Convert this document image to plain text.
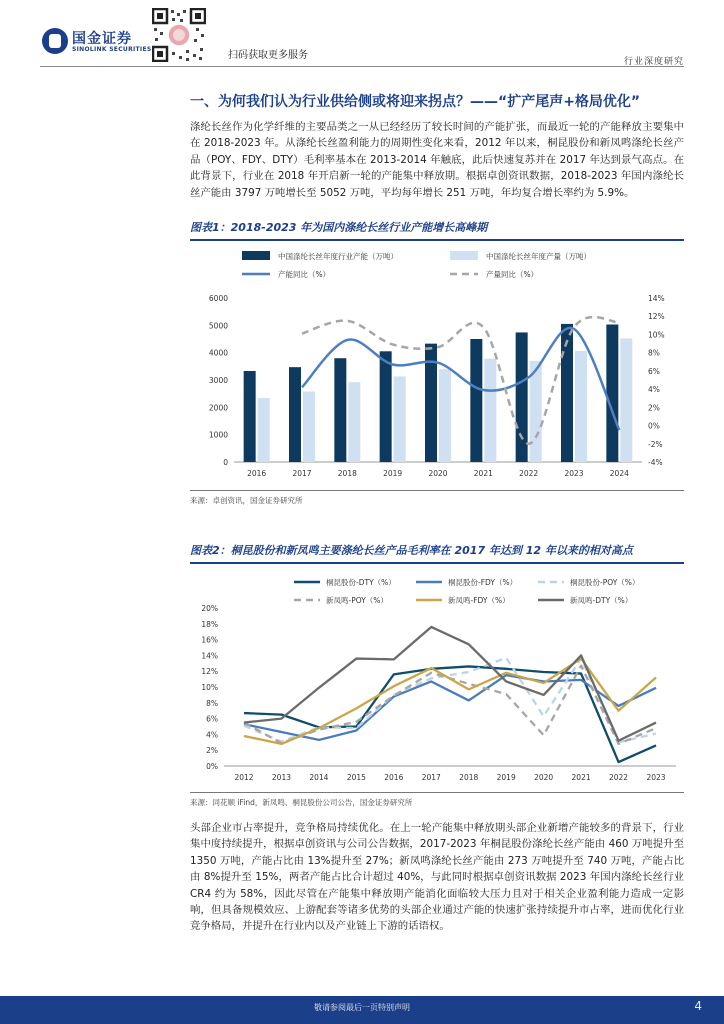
国金证券
SINOLINK SECURITIES
扫码获取更多服务
行业深度研究
一、为何我们认为行业供给侧或将迎来拐点？——“扩产尾声+格局优化”
涤纶长丝作为化学纤维的主要品类之一从已经经历了较长时间的产能扩张，而最近一轮的产能释放主要集中在 2018-2023 年。从涤纶长丝盈利能力的周期性变化来看，2012 年以来，桐昆股份和新凤鸣涤纶长丝产品（POY、FDY、DTY）毛利率基本在 2013-2014 年触底，此后快速复苏并在 2017 年达到景气高点。在此背景下，行业在 2018 年开启新一轮的产能集中释放期。根据卓创资讯数据，2018-2023 年国内涤纶长丝产能由 3797 万吨增长至 5052 万吨，平均每年增长 251 万吨，年均复合增长率约为 5.9%。
图表1：2018-2023 年为国内涤纶长丝行业产能增长高峰期
中国涤纶长丝年度行业产能（万吨）	中国涤纶长丝年度产量（万吨）
产能同比（%）	产量同比（%）
0
1000
2000
3000
4000
5000
6000
-4%
-2%
0%
2%
4%
6%
8%
10%
12%
14%
2016	2017	2018	2019	2020	2021	2022	2023	2024
来源：卓创资讯，国金证券研究所
图表2：桐昆股份和新凤鸣主要涤纶长丝产品毛利率在 2017 年达到 12 年以来的相对高点
桐昆股份-DTY（%）	桐昆股份-FDY（%）	桐昆股份-POY（%）
新凤鸣-POY（%）	新凤鸣-FDY（%）	新凤鸣-DTY（%）
0%
2%
4%
6%
8%
10%
12%
14%
16%
18%
20%
2012 2013 2014 2015 2016 2017 2018 2019 2020 2021 2022 2023
来源：同花顺 iFind，新凤鸣、桐昆股份公司公告，国金证券研究所
头部企业市占率提升，竞争格局持续优化。在上一轮产能集中释放期头部企业新增产能较多的背景下，行业集中度持续提升，根据卓创资讯与公司公告数据，2017-2023 年桐昆股份涤纶长丝产能由 460 万吨提升至 1350 万吨，产能占比由 13%提升至 27%；新凤鸣涤纶长丝产能由 273 万吨提升至 740 万吨，产能占比由 8%提升至 15%，两者产能占比合计超过 40%，与此同时根据卓创资讯数据 2023 年国内涤纶长丝行业 CR4 约为 58%，因此尽管在产能集中释放期产能消化面临较大压力且对于相关企业盈利能力造成一定影响，但具备规模效应、上游配套等诸多优势的头部企业通过产能的快速扩张持续提升市占率，进而优化行业竞争格局，并提升在行业内以及产业链上下游的话语权。
敬请参阅最后一页特别声明	4
